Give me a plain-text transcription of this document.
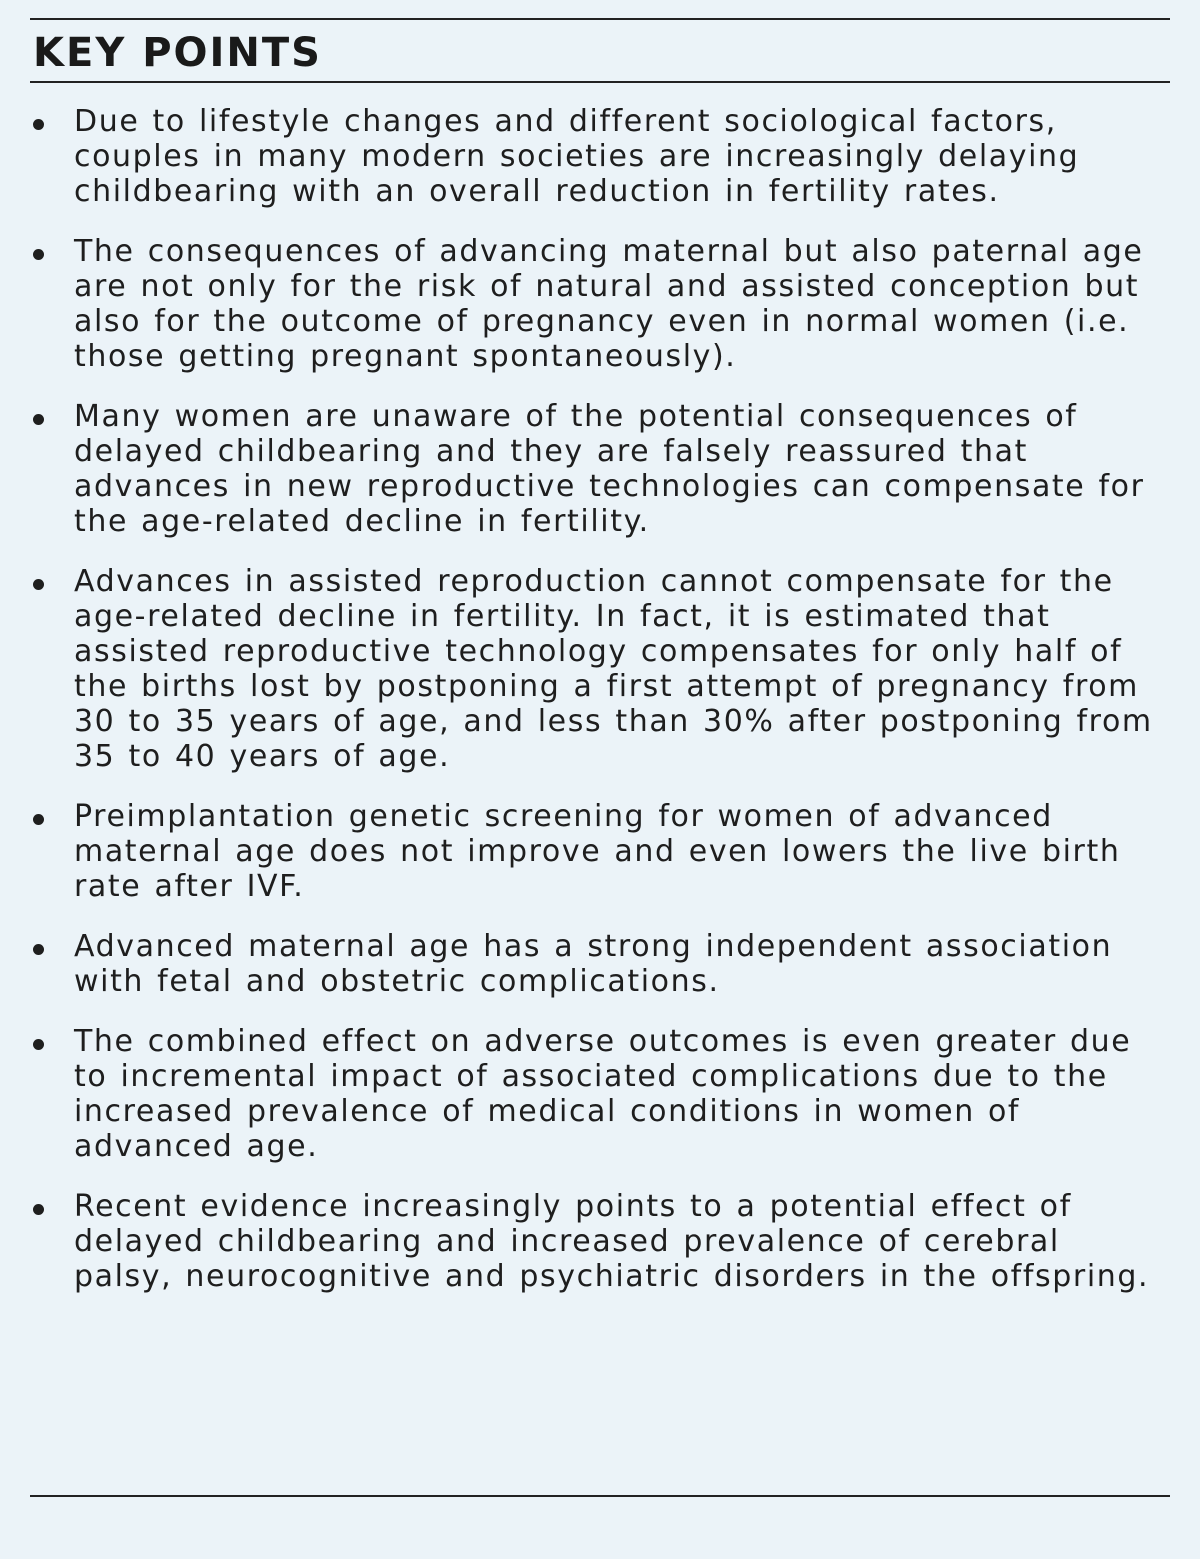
KEY POINTS
Due to lifestyle changes and different sociological factors, couples in many modern societies are increasingly delaying childbearing with an overall reduction in fertility rates.
The consequences of advancing maternal but also paternal age are not only for the risk of natural and assisted conception but also for the outcome of pregnancy even in normal women (i.e. those getting pregnant spontaneously).
Many women are unaware of the potential consequences of delayed childbearing and they are falsely reassured that advances in new reproductive technologies can compensate for the age-related decline in fertility.
Advances in assisted reproduction cannot compensate for the age-related decline in fertility. In fact, it is estimated that assisted reproductive technology compensates for only half of the births lost by postponing a first attempt of pregnancy from 30 to 35 years of age, and less than 30% after postponing from 35 to 40 years of age.
Preimplantation genetic screening for women of advanced maternal age does not improve and even lowers the live birth rate after IVF.
Advanced maternal age has a strong independent association with fetal and obstetric complications.
The combined effect on adverse outcomes is even greater due to incremental impact of associated complications due to the increased prevalence of medical conditions in women of advanced age.
Recent evidence increasingly points to a potential effect of delayed childbearing and increased prevalence of cerebral palsy, neurocognitive and psychiatric disorders in the offspring.
